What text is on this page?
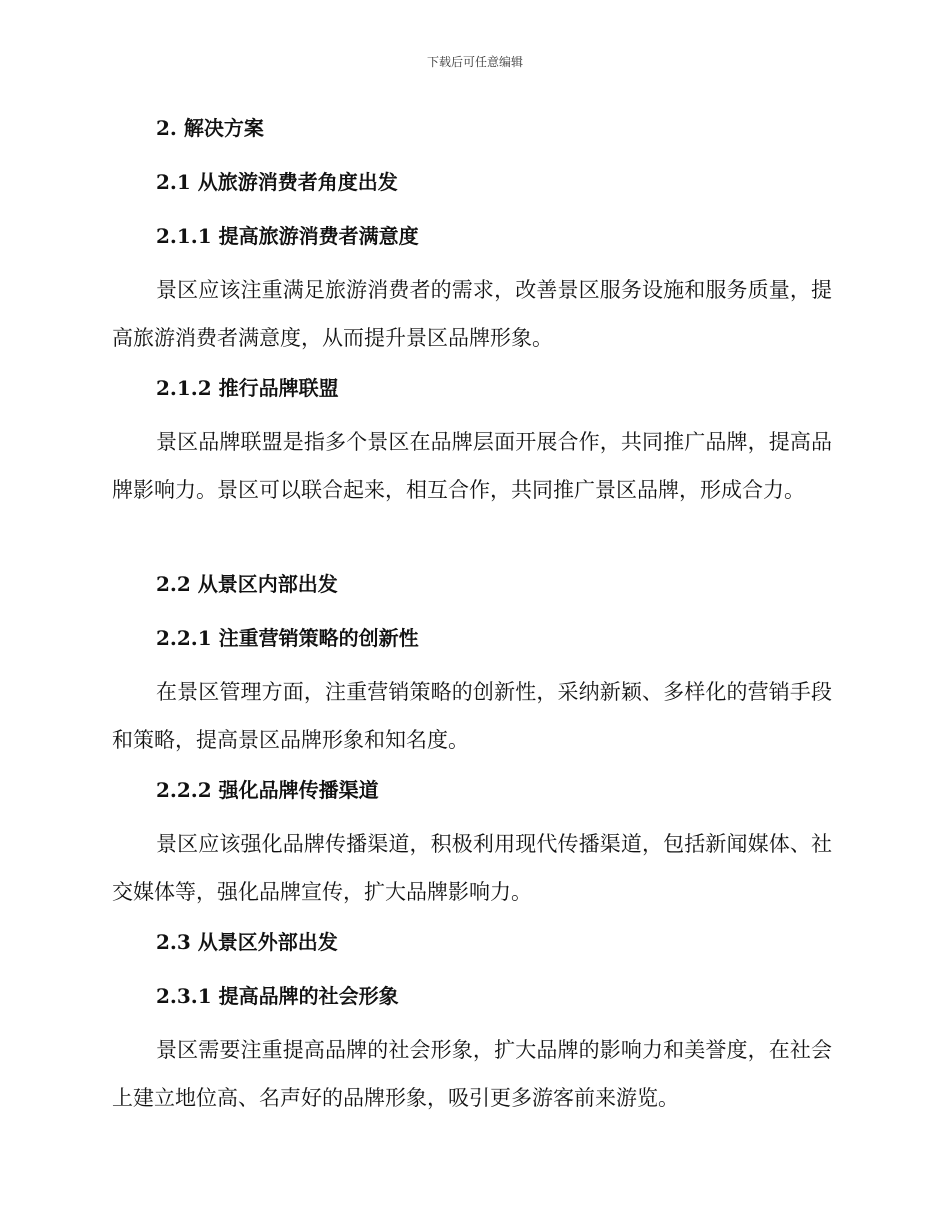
下载后可任意编辑
2. 解决方案
2.1 从旅游消费者角度出发
2.1.1 提高旅游消费者满意度
景区应该注重满足旅游消费者的需求，改善景区服务设施和服务质量，提高旅游消费者满意度，从而提升景区品牌形象。
2.1.2 推行品牌联盟
景区品牌联盟是指多个景区在品牌层面开展合作，共同推广品牌，提高品牌影响力。景区可以联合起来，相互合作，共同推广景区品牌，形成合力。
2.2 从景区内部出发
2.2.1 注重营销策略的创新性
在景区管理方面，注重营销策略的创新性，采纳新颖、多样化的营销手段和策略，提高景区品牌形象和知名度。
2.2.2 强化品牌传播渠道
景区应该强化品牌传播渠道，积极利用现代传播渠道，包括新闻媒体、社交媒体等，强化品牌宣传，扩大品牌影响力。
2.3 从景区外部出发
2.3.1 提高品牌的社会形象
景区需要注重提高品牌的社会形象，扩大品牌的影响力和美誉度，在社会上建立地位高、名声好的品牌形象，吸引更多游客前来游览。
